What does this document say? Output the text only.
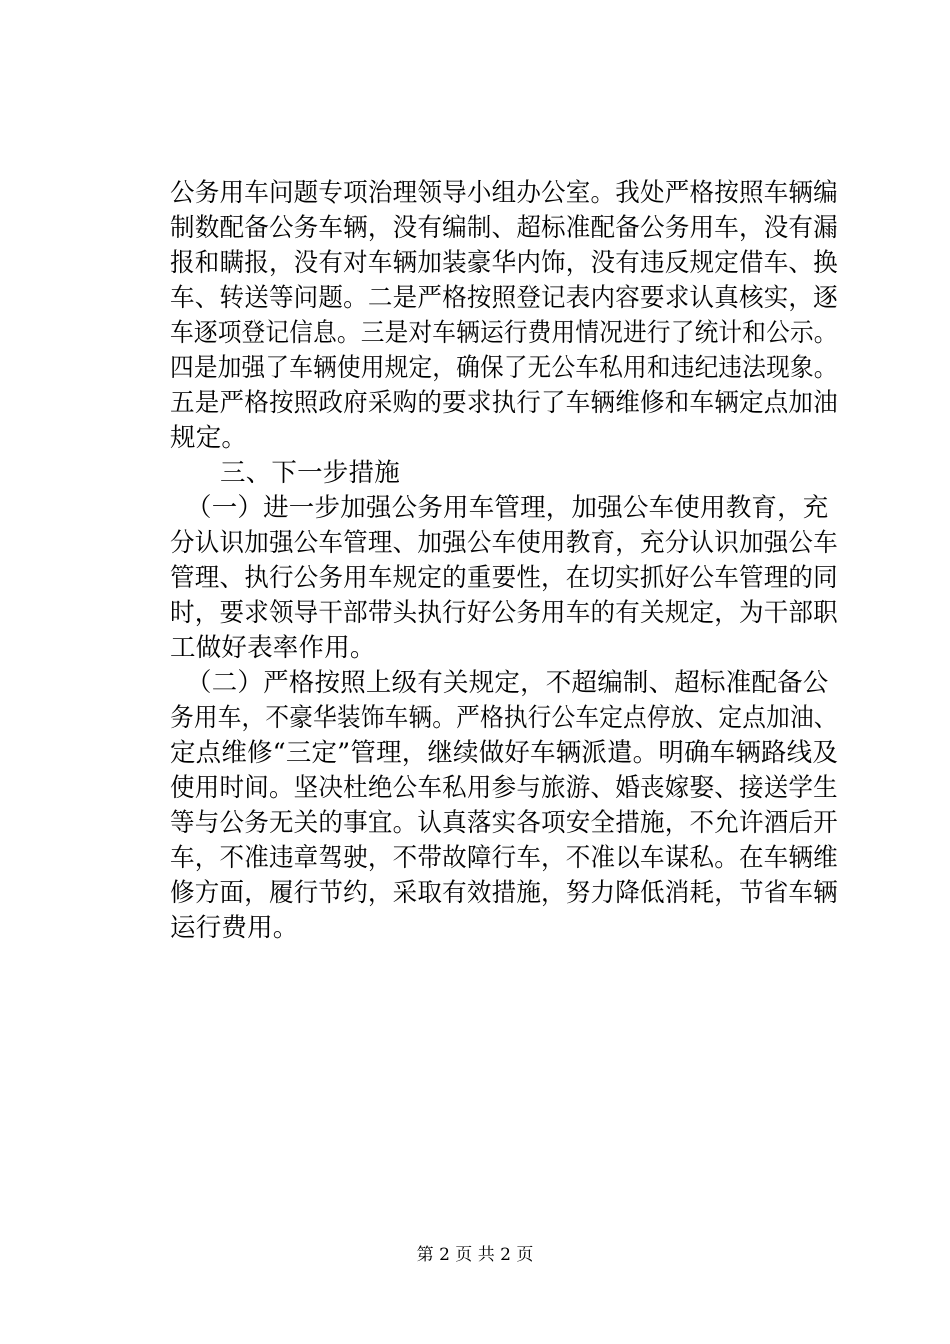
公务用车问题专项治理领导小组办公室。我处严格按照车辆编

制数配备公务车辆，没有编制、超标准配备公务用车，没有漏

报和瞒报，没有对车辆加装豪华内饰，没有违反规定借车、换

车、转送等问题。二是严格按照登记表内容要求认真核实，逐

车逐项登记信息。三是对车辆运行费用情况进行了统计和公示。

四是加强了车辆使用规定，确保了无公车私用和违纪违法现象。

五是严格按照政府采购的要求执行了车辆维修和车辆定点加油

规定。

三、下一步措施

（一）进一步加强公务用车管理，加强公车使用教育，充

分认识加强公车管理、加强公车使用教育，充分认识加强公车

管理、执行公务用车规定的重要性，在切实抓好公车管理的同

时，要求领导干部带头执行好公务用车的有关规定，为干部职

工做好表率作用。

（二）严格按照上级有关规定，不超编制、超标准配备公

务用车，不豪华装饰车辆。严格执行公车定点停放、定点加油、

定点维修“三定”管理，继续做好车辆派遣。明确车辆路线及

使用时间。坚决杜绝公车私用参与旅游、婚丧嫁娶、接送学生

等与公务无关的事宜。认真落实各项安全措施，不允许酒后开

车，不准违章驾驶，不带故障行车，不准以车谋私。在车辆维

修方面，履行节约，采取有效措施，努力降低消耗，节省车辆

运行费用。

第 2 页 共 2 页
